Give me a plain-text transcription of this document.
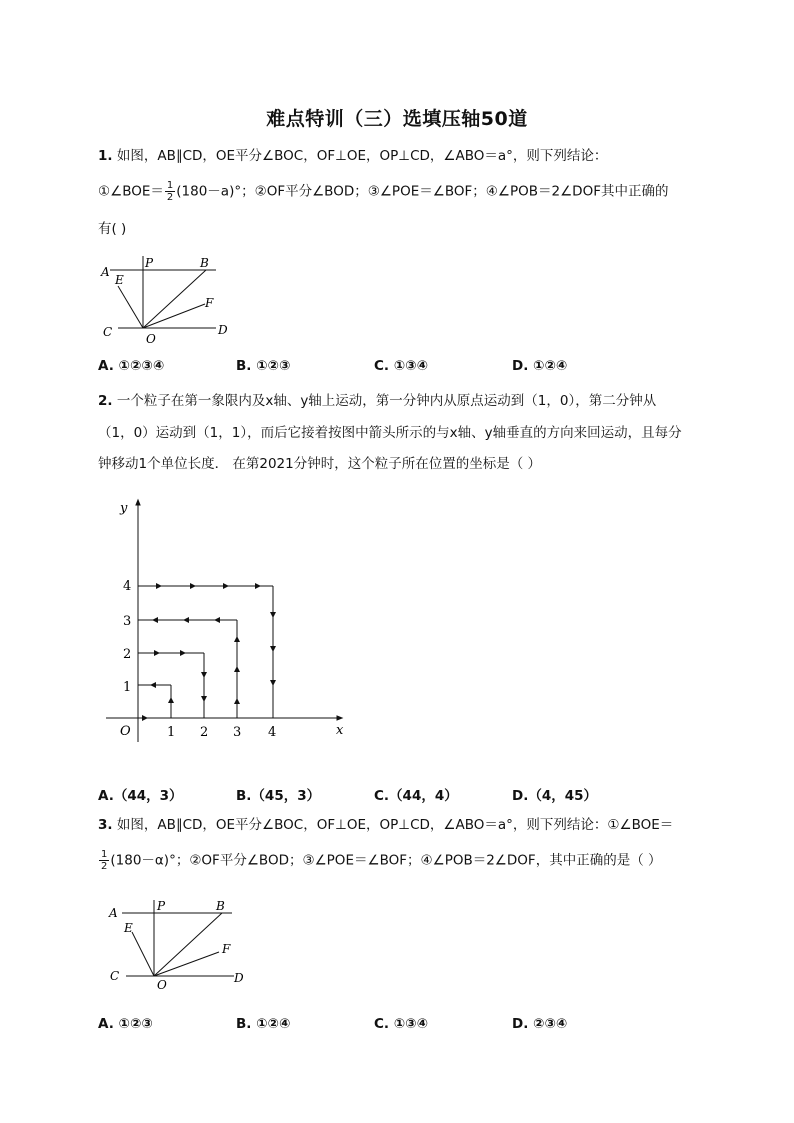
难点特训（三）选填压轴50道
1. 如图，AB∥CD，OE平分∠BOC，OF⊥OE，OP⊥CD，∠ABO＝a°，则下列结论：
①∠BOE＝ $\frac{1}{2} (180-a)^\circ$；②OF平分∠BOD；③∠POE＝∠BOF；④∠POB＝2∠DOF其中正确的
有( )
A
P	B
E
F
C	O
D
A. ①②③④	B. ①②③	C. ①③④	D. ①②④
2. 一个粒子在第一象限内及x轴、y轴上运动，第一分钟内从原点运动到（1，0），第二分钟从
（1，0）运动到（1，1），而后它接着按图中箭头所示的与x轴、y轴垂直的方向来回运动，且每分
钟移动1个单位长度． 在第2021分钟时，这个粒子所在位置的坐标是（ ）
x
y
O	1 2 3 4
1
2
3
4
A.（44，3）	B.（45，3）	C.（44，4）	D.（4，45）
3. 如图，AB∥CD，OE平分∠BOC，OF⊥OE，OP⊥CD，∠ABO＝a°，则下列结论：①∠BOE＝
$\frac{1}{2} (180-\alpha)^\circ$；②OF平分∠BOD；③∠POE＝∠BOF；④∠POB＝2∠DOF，其中正确的是（ ）
A	P	B
E
F
C
O	D
A. ①②③	B. ①②④	C. ①③④	D. ②③④
